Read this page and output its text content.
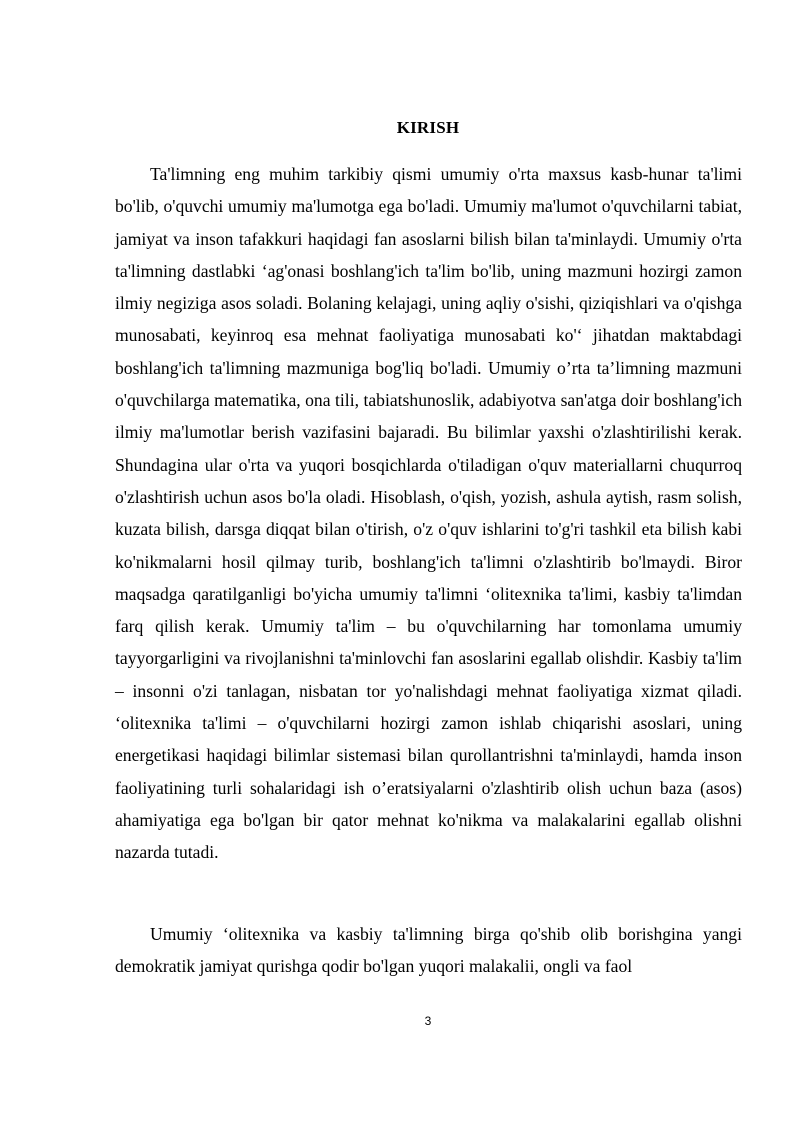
KIRISH

Ta'limning eng muhim tarkibiy qismi umumiy o'rta maxsus kasb-hunar ta'limi bo'lib, o'quvchi umumiy ma'lumotga ega bo'ladi. Umumiy ma'lumot o'quvchilarni tabiat, jamiyat va inson tafakkuri haqidagi fan asoslarni bilish bilan ta'minlaydi. Umumiy o'rta ta'limning dastlabki ‘ag'onasi boshlang'ich ta'lim bo'lib, uning mazmuni hozirgi zamon ilmiy negiziga asos soladi. Bolaning kelajagi, uning aqliy o'sishi, qiziqishlari va o'qishga munosabati, keyinroq esa mehnat faoliyatiga munosabati ko'‘ jihatdan maktabdagi boshlang'ich ta'limning mazmuniga bog'liq bo'ladi. Umumiy o’rta ta’limning mazmuni o'quvchilarga matematika, ona tili, tabiatshunoslik, adabiyotva san'atga doir boshlang'ich ilmiy ma'lumotlar berish vazifasini bajaradi. Bu bilimlar yaxshi o'zlashtirilishi kerak. Shundagina ular o'rta va yuqori bosqichlarda o'tiladigan o'quv materiallarni chuqurroq o'zlashtirish uchun asos bo'la oladi. Hisoblash, o'qish, yozish, ashula aytish, rasm solish, kuzata bilish, darsga diqqat bilan o'tirish, o'z o'quv ishlarini to'g'ri tashkil eta bilish kabi ko'nikmalarni hosil qilmay turib, boshlang'ich ta'limni o'zlashtirib bo'lmaydi. Biror maqsadga qaratilganligi bo'yicha umumiy ta'limni ‘olitexnika ta'limi, kasbiy ta'limdan farq qilish kerak. Umumiy ta'lim – bu o'quvchilarning har tomonlama umumiy tayyorgarligini va rivojlanishni ta'minlovchi fan asoslarini egallab olishdir. Kasbiy ta'lim – insonni o'zi tanlagan, nisbatan tor yo'nalishdagi mehnat faoliyatiga xizmat qiladi. ‘olitexnika ta'limi – o'quvchilarni hozirgi zamon ishlab chiqarishi asoslari, uning energetikasi haqidagi bilimlar sistemasi bilan qurollantrishni ta'minlaydi, hamda inson faoliyatining turli sohalaridagi ish o’eratsiyalarni o'zlashtirib olish uchun baza (asos) ahamiyatiga ega bo'lgan bir qator mehnat ko'nikma va malakalarini egallab olishni nazarda tutadi.

Umumiy ‘olitexnika va kasbiy ta'limning birga qo'shib olib borishgina yangi demokratik jamiyat qurishga qodir bo'lgan yuqori malakalii, ongli va faol

3
